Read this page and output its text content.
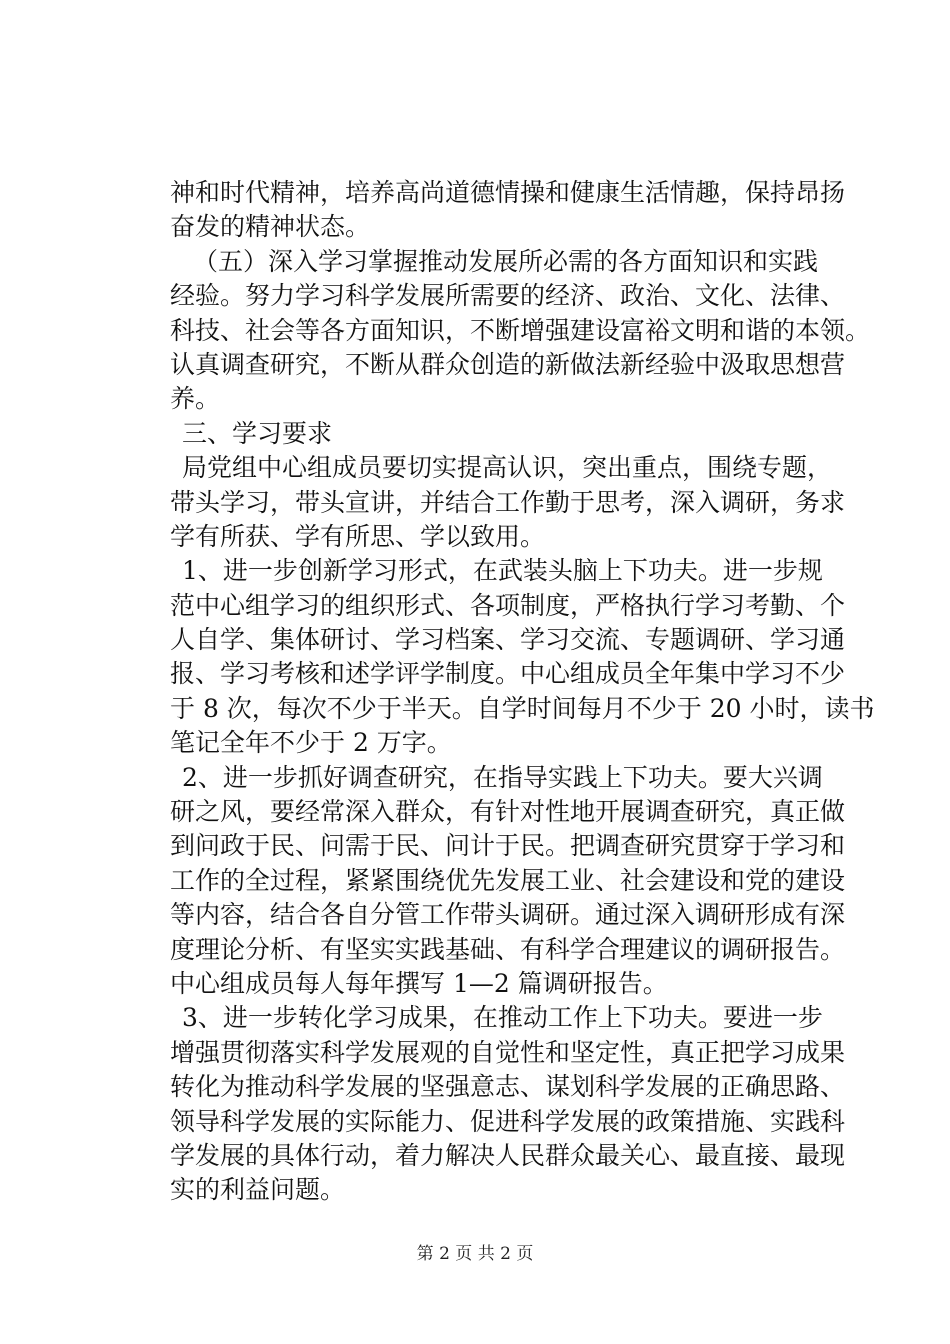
神和时代精神，培养高尚道德情操和健康生活情趣，保持昂扬
奋发的精神状态。
（五）深入学习掌握推动发展所必需的各方面知识和实践
经验。努力学习科学发展所需要的经济、政治、文化、法律、
科技、社会等各方面知识，不断增强建设富裕文明和谐的本领。
认真调查研究，不断从群众创造的新做法新经验中汲取思想营
养。
三、学习要求
局党组中心组成员要切实提高认识，突出重点，围绕专题，
带头学习，带头宣讲，并结合工作勤于思考，深入调研，务求
学有所获、学有所思、学以致用。
1、进一步创新学习形式，在武装头脑上下功夫。进一步规
范中心组学习的组织形式、各项制度，严格执行学习考勤、个
人自学、集体研讨、学习档案、学习交流、专题调研、学习通
报、学习考核和述学评学制度。中心组成员全年集中学习不少
于 8 次，每次不少于半天。自学时间每月不少于 20 小时，读书
笔记全年不少于 2 万字。
2、进一步抓好调查研究，在指导实践上下功夫。要大兴调
研之风，要经常深入群众，有针对性地开展调查研究，真正做
到问政于民、问需于民、问计于民。把调查研究贯穿于学习和
工作的全过程，紧紧围绕优先发展工业、社会建设和党的建设
等内容，结合各自分管工作带头调研。通过深入调研形成有深
度理论分析、有坚实实践基础、有科学合理建议的调研报告。
中心组成员每人每年撰写 1—2 篇调研报告。
3、进一步转化学习成果，在推动工作上下功夫。要进一步
增强贯彻落实科学发展观的自觉性和坚定性，真正把学习成果
转化为推动科学发展的坚强意志、谋划科学发展的正确思路、
领导科学发展的实际能力、促进科学发展的政策措施、实践科
学发展的具体行动，着力解决人民群众最关心、最直接、最现
实的利益问题。
第 2 页 共 2 页
